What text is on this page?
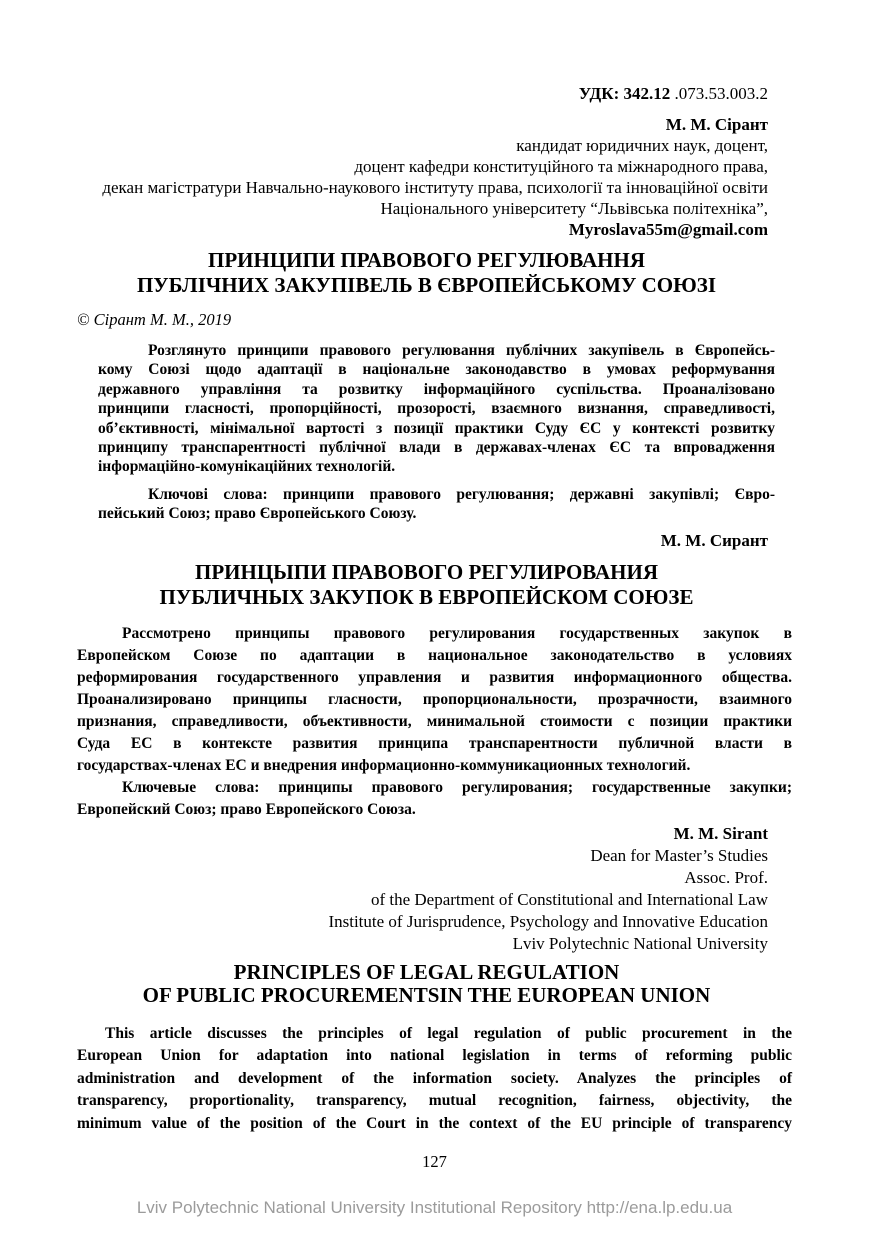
УДК: 342.12 .073.53.003.2
М. М. Сірант
кандидат юридичних наук, доцент,
доцент кафедри конституційного та міжнародного права,
декан магістратури Навчально-наукового інституту права, психології та інноваційної освіти
Національного університету “Львівська політехніка”,
Myroslava55m@gmail.com
ПРИНЦИПИ ПРАВОВОГО РЕГУЛЮВАННЯ
ПУБЛІЧНИХ ЗАКУПІВЕЛЬ В ЄВРОПЕЙСЬКОМУ СОЮЗІ
© Сірант М. М., 2019
Розглянуто принципи правового регулювання публічних закупівель в Європейсь-
кому Союзі щодо адаптації в національне законодавство в умовах реформування
державного управління та розвитку інформаційного суспільства. Проаналізовано
принципи гласності, пропорційності, прозорості, взаємного визнання, справедливості,
об’єктивності, мінімальної вартості з позиції практики Суду ЄС у контексті розвитку
принципу транспарентності публічної влади в державах-членах ЄС та впровадження
інформаційно-комунікаційних технологій.
Ключові слова: принципи правового регулювання; державні закупівлі; Євро-
пейський Союз; право Європейського Союзу.
М. М. Сирант
ПРИНЦЫПИ ПРАВОВОГО РЕГУЛИРОВАНИЯ
ПУБЛИЧНЫХ ЗАКУПОК В ЕВРОПЕЙСКОМ СОЮЗЕ
Рассмотрено принципы правового регулирования государственных закупок в
Европейском Союзе по адаптации в национальное законодательство в условиях
реформирования государственного управления и развития информационного общества.
Проанализировано принципы гласности, пропорциональности, прозрачности, взаимного
признания, справедливости, объективности, минимальной стоимости с позиции практики
Суда ЕС в контексте развития принципа транспарентности публичной власти в
государствах-членах ЕС и внедрения информационно-коммуникационных технологий.
Ключевые слова: принципы правового регулирования; государственные закупки;
Европейский Союз; право Европейского Союза.
M. M. Sirant
Dean for Master’s Studies
Assoc. Prof.
of the Department of Constitutional and International Law
Institute of Jurisprudence, Psychology and Innovative Education
Lviv Polytechnic National University
PRINCIPLES OF LEGAL REGULATION
OF PUBLIC PROCUREMENTSIN THE EUROPEAN UNION
This article discusses the principles of legal regulation of public procurement in the
European Union for adaptation into national legislation in terms of reforming public
administration and development of the information society. Analyzes the principles of
transparency, proportionality, transparency, mutual recognition, fairness, objectivity, the
minimum value of the position of the Court in the context of the EU principle of transparency
127
Lviv Polytechnic National University Institutional Repository http://ena.lp.edu.ua
